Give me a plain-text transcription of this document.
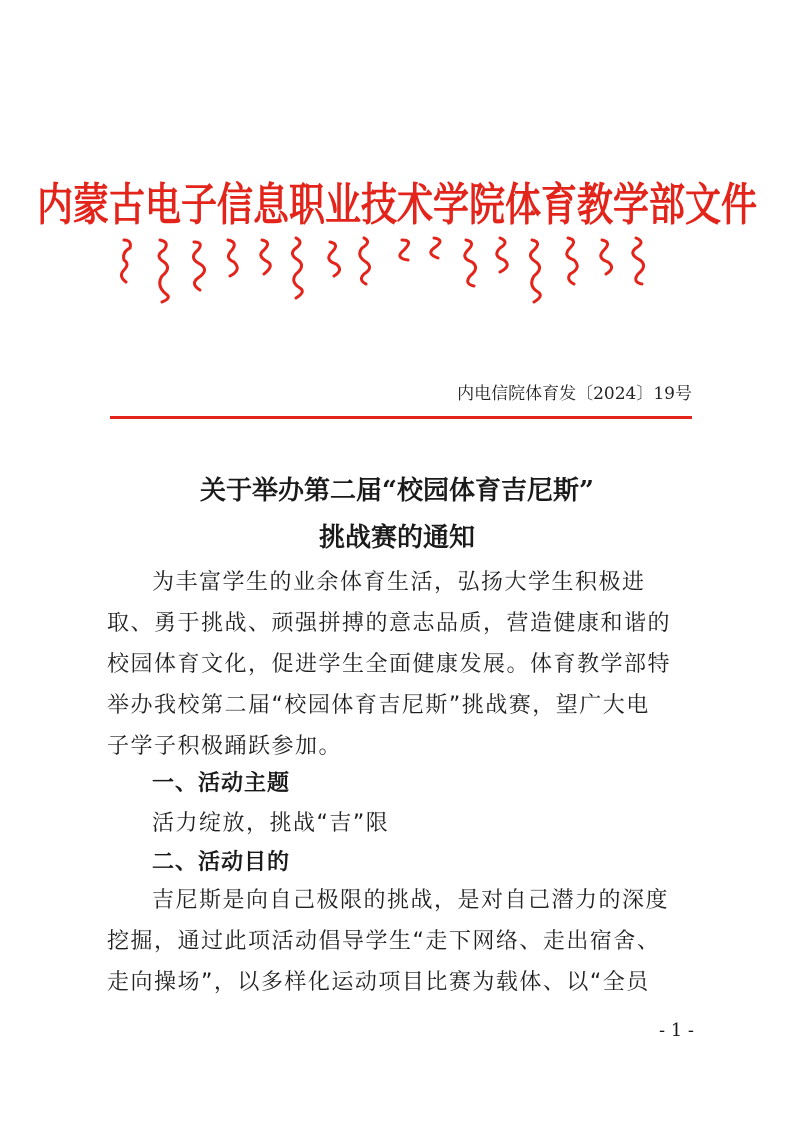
内蒙古电子信息职业技术学院体育教学部文件
内电信院体育发〔2024〕19号
关于举办第二届“校园体育吉尼斯”
挑战赛的通知
为丰富学生的业余体育生活，弘扬大学生积极进
取、勇于挑战、顽强拼搏的意志品质，营造健康和谐的
校园体育文化，促进学生全面健康发展。体育教学部特
举办我校第二届“校园体育吉尼斯”挑战赛，望广大电
子学子积极踊跃参加。
一、活动主题
活力绽放，挑战“吉”限
二、活动目的
吉尼斯是向自己极限的挑战，是对自己潜力的深度
挖掘，通过此项活动倡导学生“走下网络、走出宿舍、
走向操场”，以多样化运动项目比赛为载体、以“全员
- 1 -
